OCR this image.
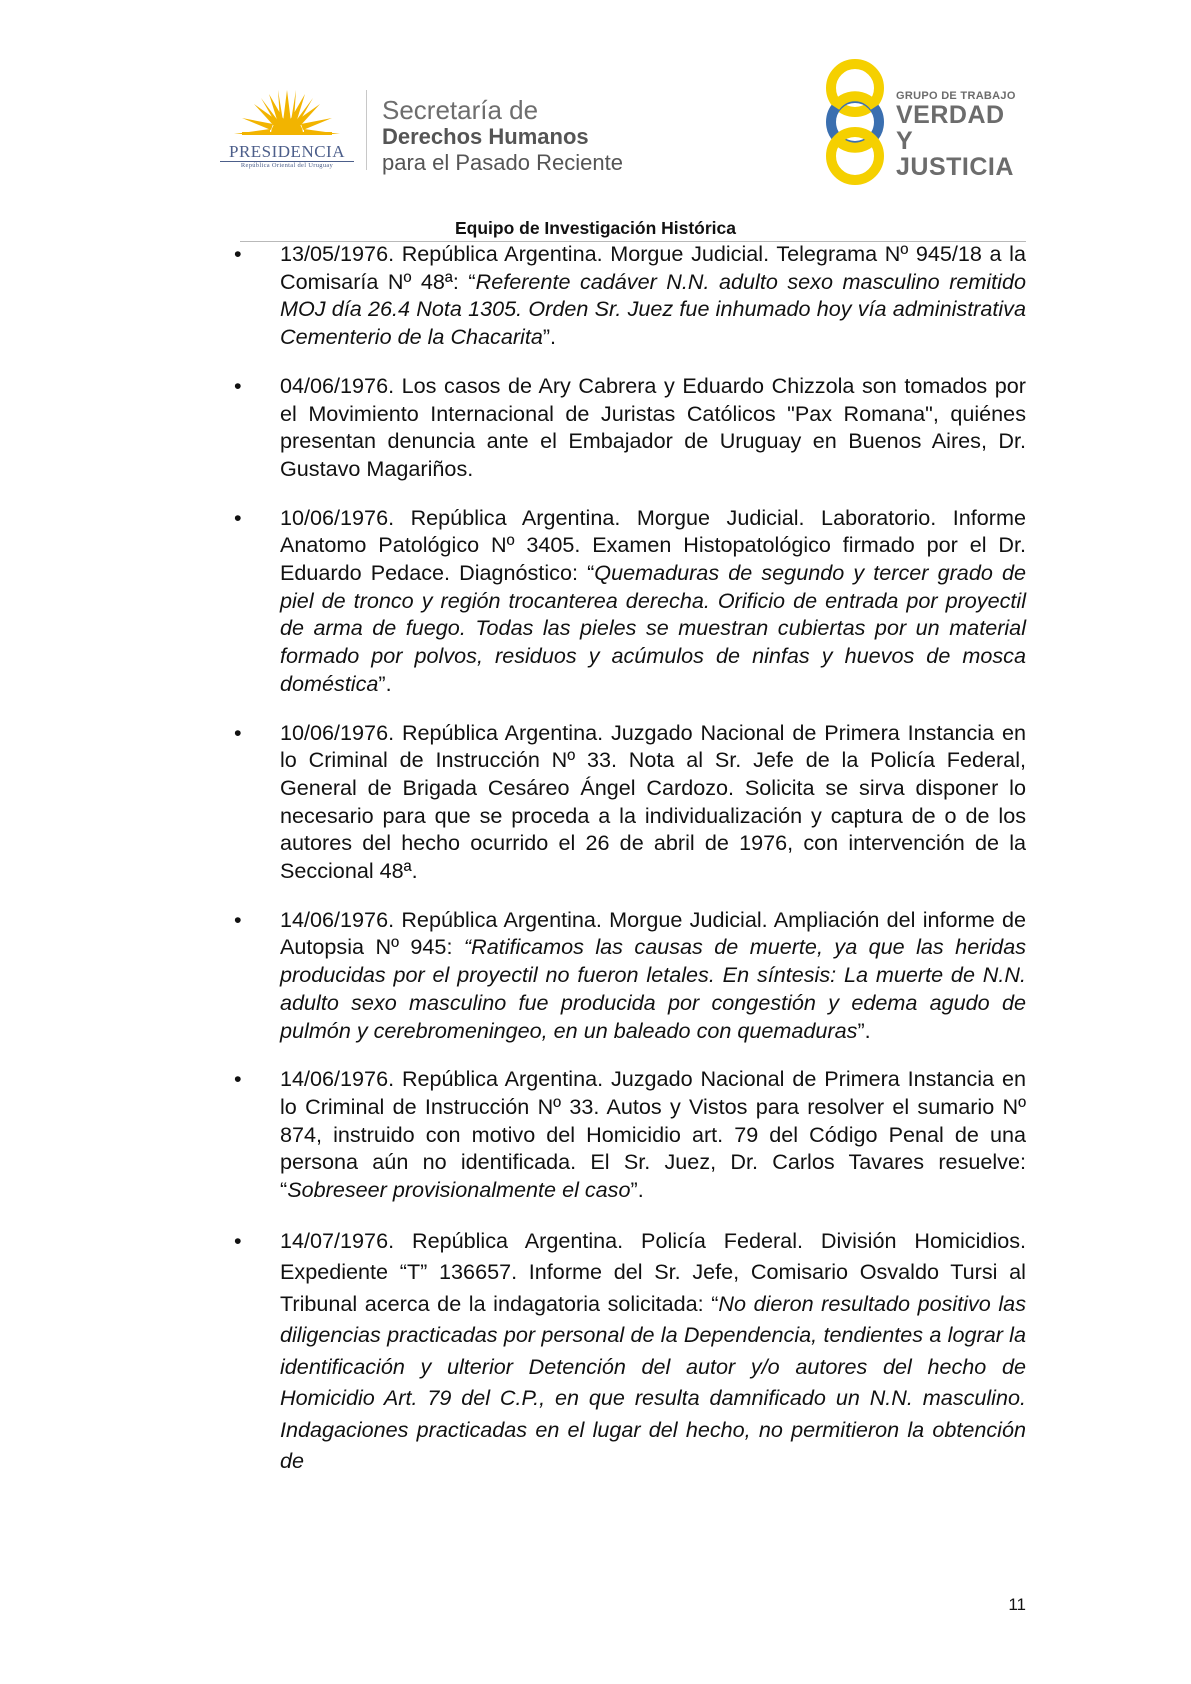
PRESIDENCIA
República Oriental del Uruguay
Secretaría de
Derechos Humanos
para el Pasado Reciente
GRUPO DE TRABAJO
VERDAD Y
JUSTICIA
Equipo de Investigación Histórica
•	13/05/1976. República Argentina. Morgue Judicial. Telegrama Nº 945/18 a la Comisaría Nº 48ª: “Referente cadáver N.N. adulto sexo masculino remitido MOJ día 26.4 Nota 1305. Orden Sr. Juez fue inhumado hoy vía administrativa Cementerio de la Chacarita”.

•	04/06/1976. Los casos de Ary Cabrera y Eduardo Chizzola son tomados por el Movimiento Internacional de Juristas Católicos "Pax Romana", quiénes presentan denuncia ante el Embajador de Uruguay en Buenos Aires, Dr. Gustavo Magariños.

•	10/06/1976. República Argentina. Morgue Judicial. Laboratorio. Informe Anatomo Patológico Nº 3405. Examen Histopatológico firmado por el Dr. Eduardo Pedace. Diagnóstico: “Quemaduras de segundo y tercer grado de piel de tronco y región trocanterea derecha. Orificio de entrada por proyectil de arma de fuego. Todas las pieles se muestran cubiertas por un material formado por polvos, residuos y acúmulos de ninfas y huevos de mosca doméstica”.

•	10/06/1976. República Argentina. Juzgado Nacional de Primera Instancia en lo Criminal de Instrucción Nº 33. Nota al Sr. Jefe de la Policía Federal, General de Brigada Cesáreo Ángel Cardozo. Solicita se sirva disponer lo necesario para que se proceda a la individualización y captura de o de los autores del hecho ocurrido el 26 de abril de 1976, con intervención de la Seccional 48ª.

•	14/06/1976. República Argentina. Morgue Judicial. Ampliación del informe de Autopsia Nº 945: “Ratificamos las causas de muerte, ya que las heridas producidas por el proyectil no fueron letales. En síntesis: La muerte de N.N. adulto sexo masculino fue producida por congestión y edema agudo de pulmón y cerebromeningeo, en un baleado con quemaduras”.

•	14/06/1976. República Argentina. Juzgado Nacional de Primera Instancia en lo Criminal de Instrucción Nº 33. Autos y Vistos para resolver el sumario Nº 874, instruido con motivo del Homicidio art. 79 del Código Penal de una persona aún no identificada. El Sr. Juez, Dr. Carlos Tavares resuelve: “Sobreseer provisionalmente el caso”.

•	14/07/1976. República Argentina. Policía Federal. División Homicidios. Expediente “T” 136657. Informe del Sr. Jefe, Comisario Osvaldo Tursi al Tribunal acerca de la indagatoria solicitada: “No dieron resultado positivo las diligencias practicadas por personal de la Dependencia, tendientes a lograr la identificación y ulterior Detención del autor y/o autores del hecho de Homicidio Art. 79 del C.P., en que resulta damnificado un N.N. masculino. Indagaciones practicadas en el lugar del hecho, no permitieron la obtención de

11
